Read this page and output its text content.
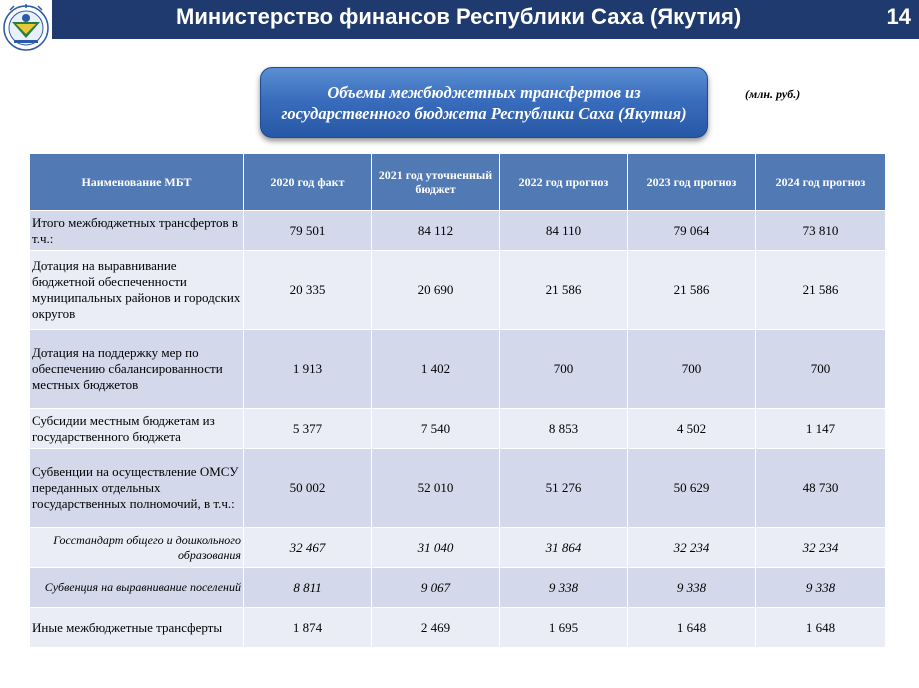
Министерство финансов Республики Саха (Якутия)	14
Объемы межбюджетных трансфертов из государственного бюджета Республики Саха (Якутия)
(млн. руб.)
Наименование МБТ	2020 год факт	2021 год уточненный бюджет	2022 год прогноз	2023 год прогноз	2024 год прогноз
Итого межбюджетных трансфертов в т.ч.:	79 501	84 112	84 110	79 064	73 810
Дотация на выравнивание бюджетной обеспеченности муниципальных районов и городских округов	20 335	20 690	21 586	21 586	21 586
Дотация на поддержку мер по обеспечению сбалансированности местных бюджетов	1 913	1 402	700	700	700
Субсидии местным бюджетам из государственного бюджета	5 377	7 540	8 853	4 502	1 147
Субвенции на осуществление ОМСУ переданных отдельных государственных полномочий, в т.ч.:	50 002	52 010	51 276	50 629	48 730
Госстандарт общего и дошкольного образования	32 467	31 040	31 864	32 234	32 234
Субвенция на выравнивание поселений	8 811	9 067	9 338	9 338	9 338
Иные межбюджетные трансферты	1 874	2 469	1 695	1 648	1 648
